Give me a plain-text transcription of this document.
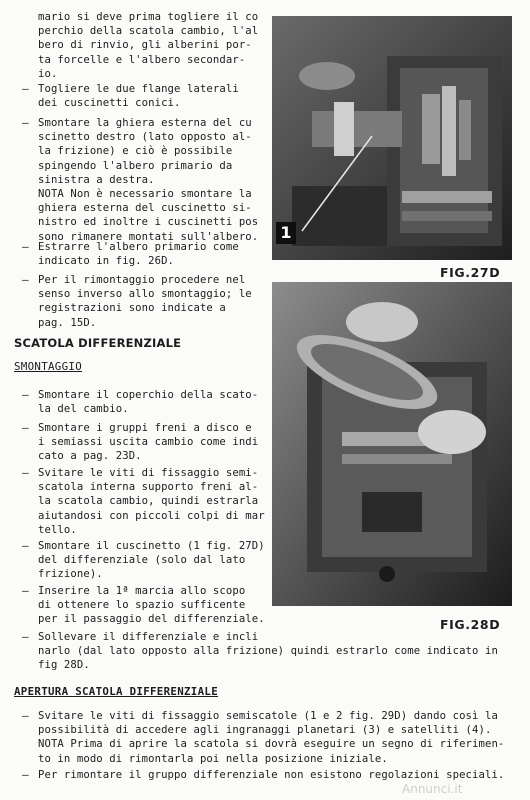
mario si deve prima togliere il co
perchio della scatola cambio, l'al
bero di rinvio, gli alberini por-
ta forcelle e l'albero secondar-
io.
– Togliere le due flange laterali
dei cuscinetti conici.
– Smontare la ghiera esterna del cu
scinetto destro (lato opposto al-
la frizione) e ciò è possibile
spingendo l'albero primario da
sinistra a destra.
NOTA Non è necessario smontare la
ghiera esterna del cuscinetto si-
nistro ed inoltre i cuscinetti pos
sono rimanere montati sull'albero.
– Estrarre l'albero primario come
indicato in fig. 26D.
– Per il rimontaggio procedere nel
senso inverso allo smontaggio; le
registrazioni sono indicate a
pag. 15D.
SCATOLA DIFFERENZIALE
SMONTAGGIO
– Smontare il coperchio della scato-
la del cambio.
– Smontare i gruppi freni a disco e
i semiassi uscita cambio come indi
cato a pag. 23D.
– Svitare le viti di fissaggio semi-
scatola interna supporto freni al-
la scatola cambio, quindi estrarla
aiutandosi con piccoli colpi di mar
tello.
– Smontare il cuscinetto (1 fig. 27D)
del differenziale (solo dal lato
frizione).
– Inserire la 1ª marcia allo scopo
di ottenere lo spazio sufficente
per il passaggio del differenziale.
– Sollevare il differenziale e incli
narlo (dal lato opposto alla frizione) quindi estrarlo come indicato in
fig 28D.
APERTURA SCATOLA DIFFERENZIALE
– Svitare le viti di fissaggio semiscatole (1 e 2 fig. 29D) dando così la
possibilità di accedere agli ingranaggi planetari (3) e satelliti (4).
NOTA Prima di aprire la scatola si dovrà eseguire un segno di riferimen-
to in modo di rimontarla poi nella posizione iniziale.
– Per rimontare il gruppo differenziale non esistono regolazioni speciali.
1
FIG.27D
FIG.28D
Annunci.it
